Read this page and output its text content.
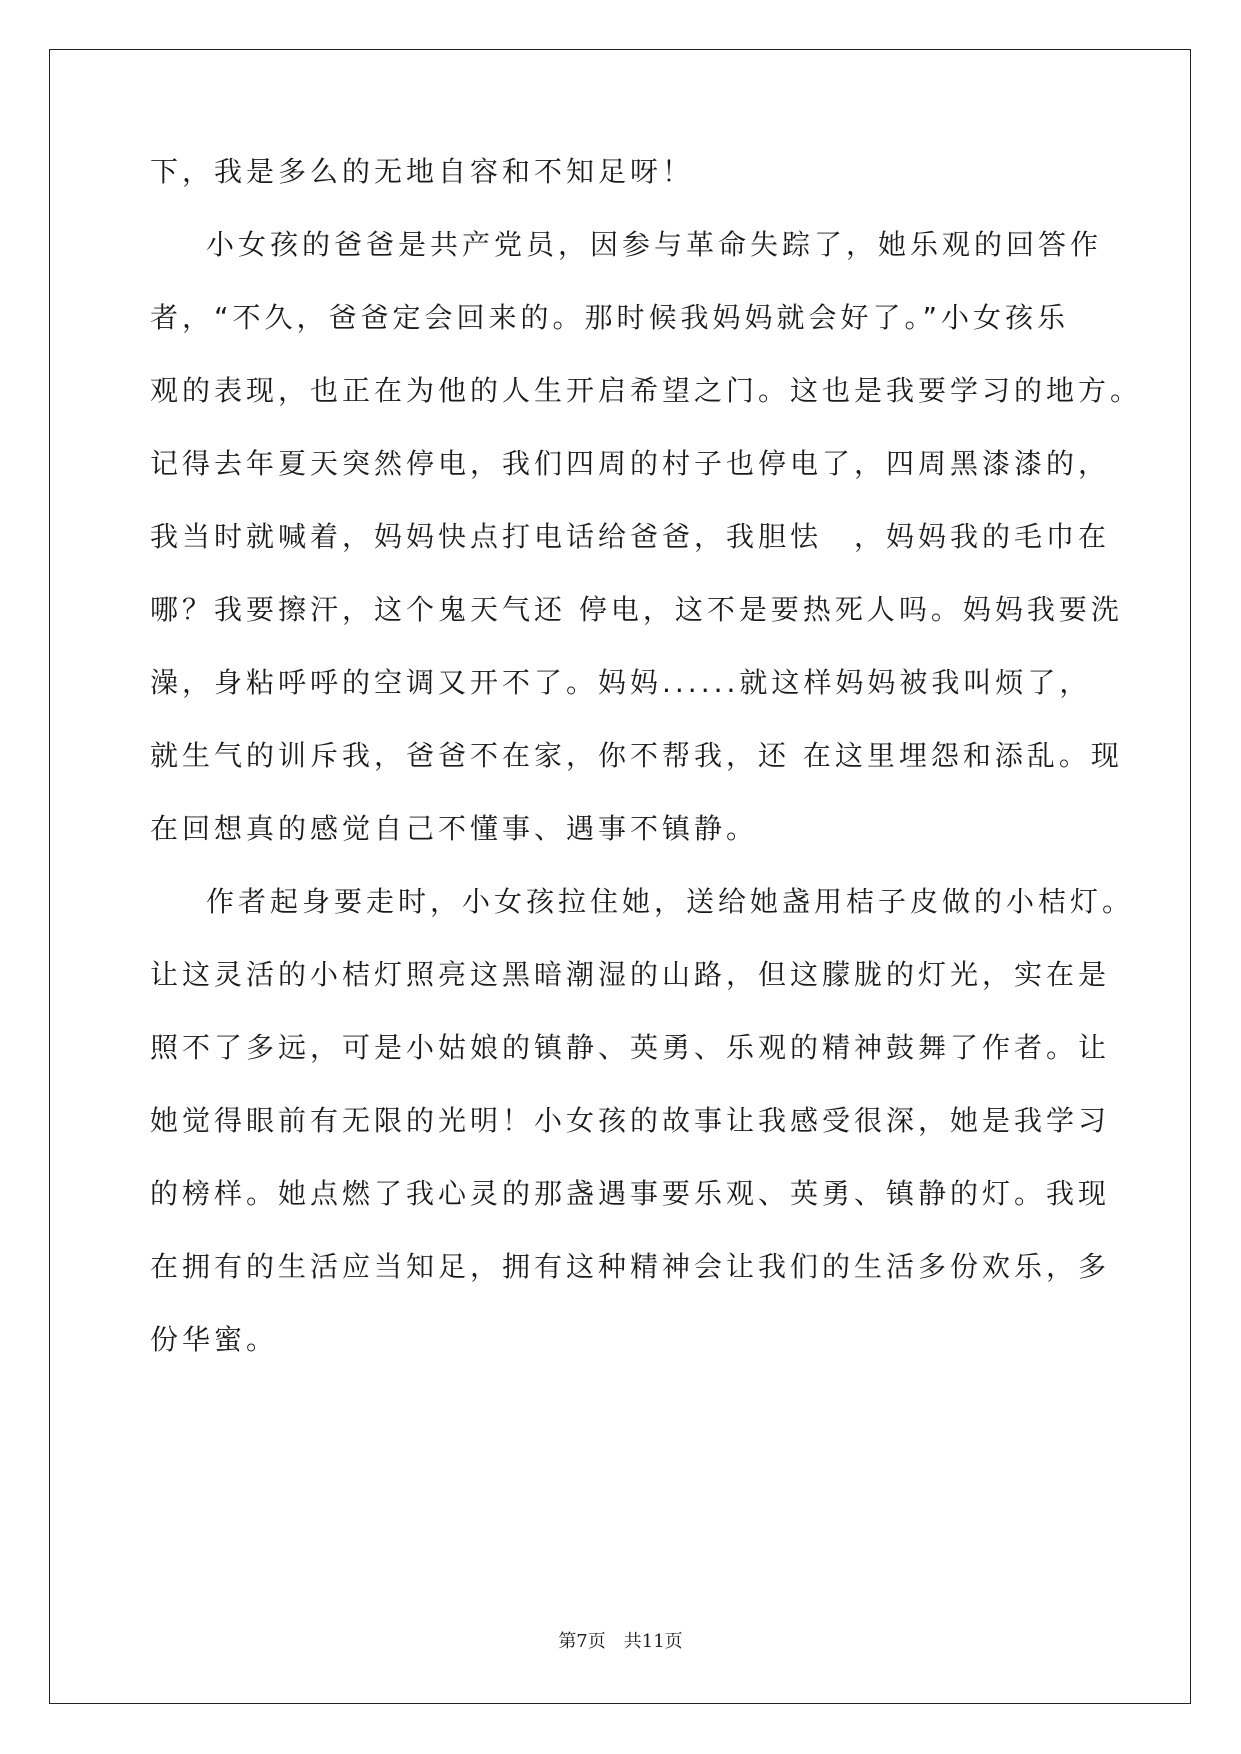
下，我是多么的无地自容和不知足呀！
小女孩的爸爸是共产党员，因参与革命失踪了，她乐观的回答作
者，“不久，爸爸定会回来的。那时候我妈妈就会好了。”小女孩乐
观的表现，也正在为他的人生开启希望之门。这也是我要学习的地方。
记得去年夏天突然停电，我们四周的村子也停电了，四周黑漆漆的，
我当时就喊着，妈妈快点打电话给爸爸，我胆怯　，妈妈我的毛巾在
哪？我要擦汗，这个鬼天气还 停电，这不是要热死人吗。妈妈我要洗
澡，身粘呼呼的空调又开不了。妈妈......就这样妈妈被我叫烦了，
就生气的训斥我，爸爸不在家，你不帮我，还 在这里埋怨和添乱。现
在回想真的感觉自己不懂事、遇事不镇静。
作者起身要走时，小女孩拉住她，送给她盏用桔子皮做的小桔灯。
让这灵活的小桔灯照亮这黑暗潮湿的山路，但这朦胧的灯光，实在是
照不了多远，可是小姑娘的镇静、英勇、乐观的精神鼓舞了作者。让
她觉得眼前有无限的光明！小女孩的故事让我感受很深，她是我学习
的榜样。她点燃了我心灵的那盏遇事要乐观、英勇、镇静的灯。我现
在拥有的生活应当知足，拥有这种精神会让我们的生活多份欢乐，多
份华蜜。
第7页 共11页
